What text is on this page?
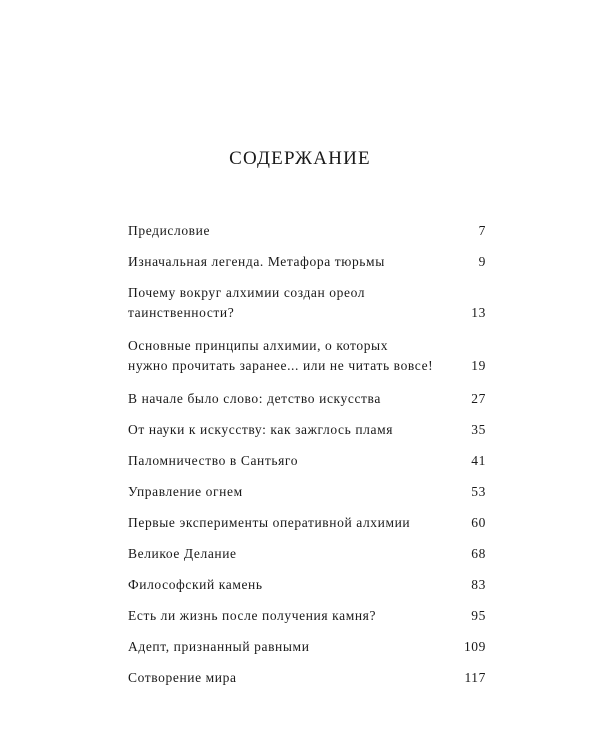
СОДЕРЖАНИЕ
Предисловие	7
Изначальная легенда. Метафора тюрьмы	9
Почему вокруг алхимии создан ореол
таинственности?	13
Основные принципы алхимии, о которых
нужно прочитать заранее... или не читать вовсе!	19
В начале было слово: детство искусства	27
От науки к искусству: как зажглось пламя	35
Паломничество в Сантьяго	41
Управление огнем	53
Первые эксперименты оперативной алхимии	60
Великое Делание	68
Философский камень	83
Есть ли жизнь после получения камня?	95
Адепт, признанный равными	109
Сотворение мира	117
